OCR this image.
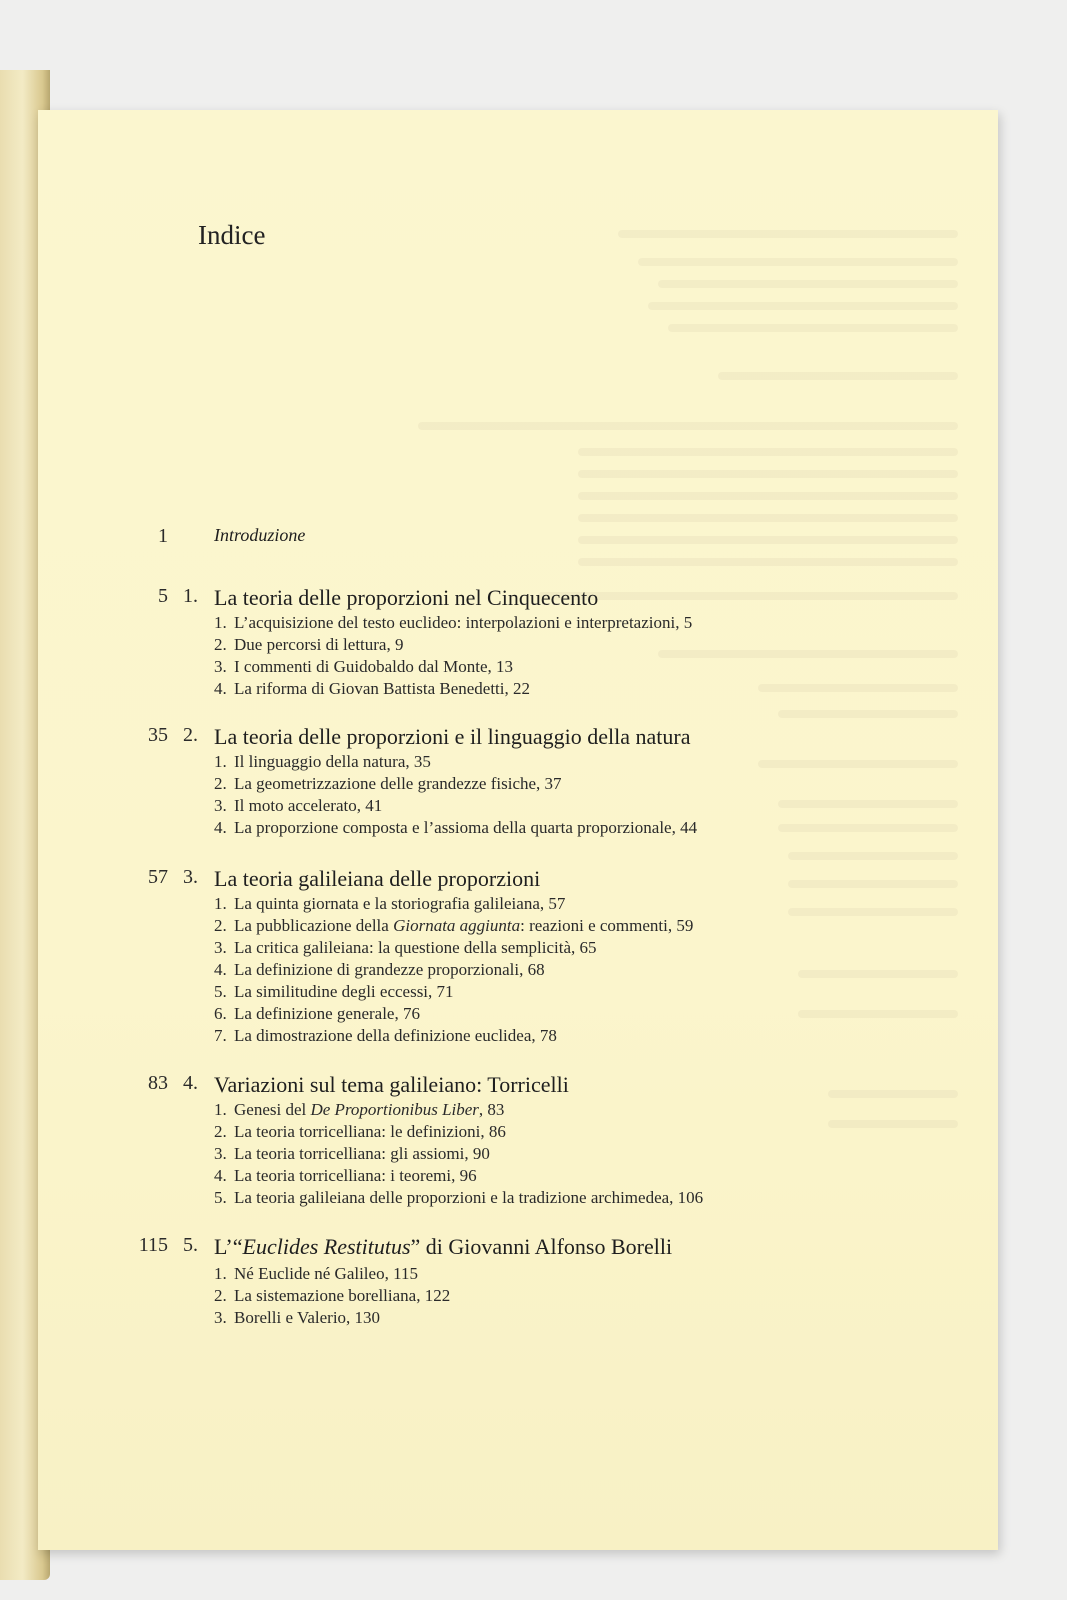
Indice
1	Introduzione
5 1. La teoria delle proporzioni nel Cinquecento
1. L’acquisizione del testo euclideo: interpolazioni e interpretazioni, 5
2. Due percorsi di lettura, 9
3. I commenti di Guidobaldo dal Monte, 13
4. La riforma di Giovan Battista Benedetti, 22
35 2. La teoria delle proporzioni e il linguaggio della natura
1. Il linguaggio della natura, 35
2. La geometrizzazione delle grandezze fisiche, 37
3. Il moto accelerato, 41
4. La proporzione composta e l’assioma della quarta proporzionale, 44
57 3. La teoria galileiana delle proporzioni
1. La quinta giornata e la storiografia galileiana, 57
2. La pubblicazione della Giornata aggiunta: reazioni e commenti, 59
3. La critica galileiana: la questione della semplicità, 65
4. La definizione di grandezze proporzionali, 68
5. La similitudine degli eccessi, 71
6. La definizione generale, 76
7. La dimostrazione della definizione euclidea, 78
83 4. Variazioni sul tema galileiano: Torricelli
1. Genesi del De Proportionibus Liber, 83
2. La teoria torricelliana: le definizioni, 86
3. La teoria torricelliana: gli assiomi, 90
4. La teoria torricelliana: i teoremi, 96
5. La teoria galileiana delle proporzioni e la tradizione archimedea, 106
115 5. L’“Euclides Restitutus” di Giovanni Alfonso Borelli
1. Né Euclide né Galileo, 115
2. La sistemazione borelliana, 122
3. Borelli e Valerio, 130
